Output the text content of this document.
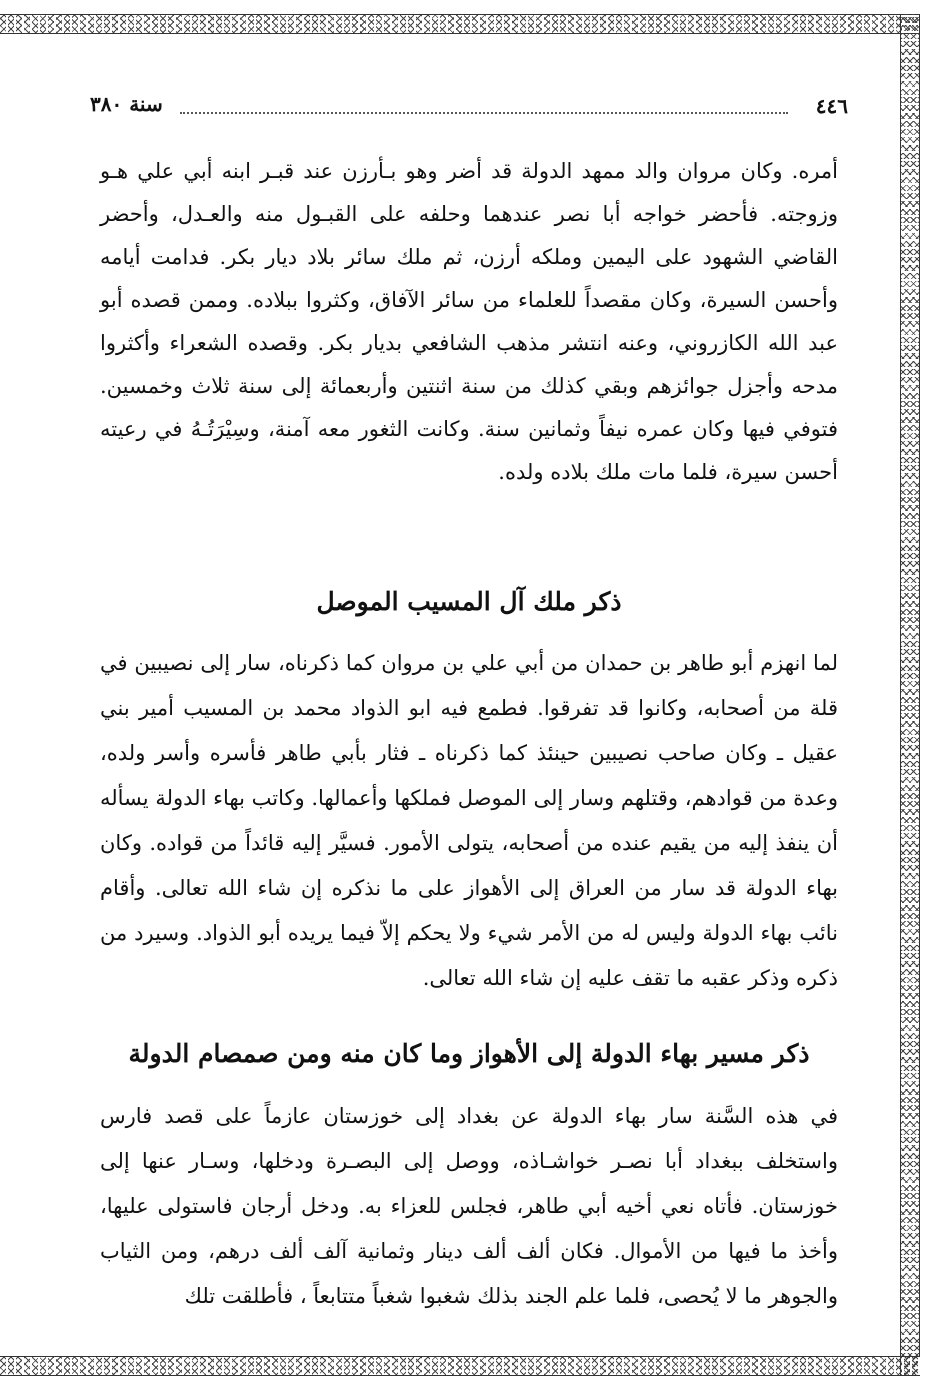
٤٤٦
سنة ٣٨٠

أمره. وكان مروان والد ممهد الدولة قد أضر وهو بـأرزن عند قبـر ابنه أبي علي هـو وزوجته. فأحضر خواجه أبا نصر عندهما وحلفه على القبـول منه والعـدل، وأحضر القاضي الشهود على اليمين وملكه أرزن، ثم ملك سائر بلاد ديار بكر. فدامت أيامه وأحسن السيرة، وكان مقصداً للعلماء من سائر الآفاق، وكثروا ببلاده. وممن قصده أبو عبد الله الكازروني، وعنه انتشر مذهب الشافعي بديار بكر. وقصده الشعراء وأكثروا مدحه وأجزل جوائزهم وبقي كذلك من سنة اثنتين وأربعمائة إلى سنة ثلاث وخمسين. فتوفي فيها وكان عمره نيفاً وثمانين سنة. وكانت الثغور معه آمنة، وسِيْرَتُـهُ في رعيته أحسن سيرة، فلما مات ملك بلاده ولده.

ذكر ملك آل المسيب الموصل

لما انهزم أبو طاهر بن حمدان من أبي علي بن مروان كما ذكرناه، سار إلى نصيبين في قلة من أصحابه، وكانوا قد تفرقوا. فطمع فيه ابو الذواد محمد بن المسيب أمير بني عقيل ـ وكان صاحب نصيبين حينئذ كما ذكرناه ـ فثار بأبي طاهر فأسره وأسر ولده، وعدة من قوادهم، وقتلهم وسار إلى الموصل فملكها وأعمالها. وكاتب بهاء الدولة يسأله أن ينفذ إليه من يقيم عنده من أصحابه، يتولى الأمور. فسيَّر إليه قائداً من قواده. وكان بهاء الدولة قد سار من العراق إلى الأهواز على ما نذكره إن شاء الله تعالى. وأقام نائب بهاء الدولة وليس له من الأمر شيء ولا يحكم إلاّ فيما يريده أبو الذواد. وسيرد من ذكره وذكر عقبه ما تقف عليه إن شاء الله تعالى.

ذكر مسير بهاء الدولة إلى الأهواز وما كان منه ومن صمصام الدولة

في هذه السَّنة سار بهاء الدولة عن بغداد إلى خوزستان عازماً على قصد فارس واستخلف ببغداد أبا نصـر خواشـاذه، ووصل إلى البصـرة ودخلها، وسـار عنها إلى خوزستان. فأتاه نعي أخيه أبي طاهر، فجلس للعزاء به. ودخل أرجان فاستولى عليها، وأخذ ما فيها من الأموال. فكان ألف ألف دينار وثمانية آلف ألف درهم، ومن الثياب والجوهر ما لا يُحصى، فلما علم الجند بذلك شغبوا شغباً متتابعاً ، فأطلقت تلك
